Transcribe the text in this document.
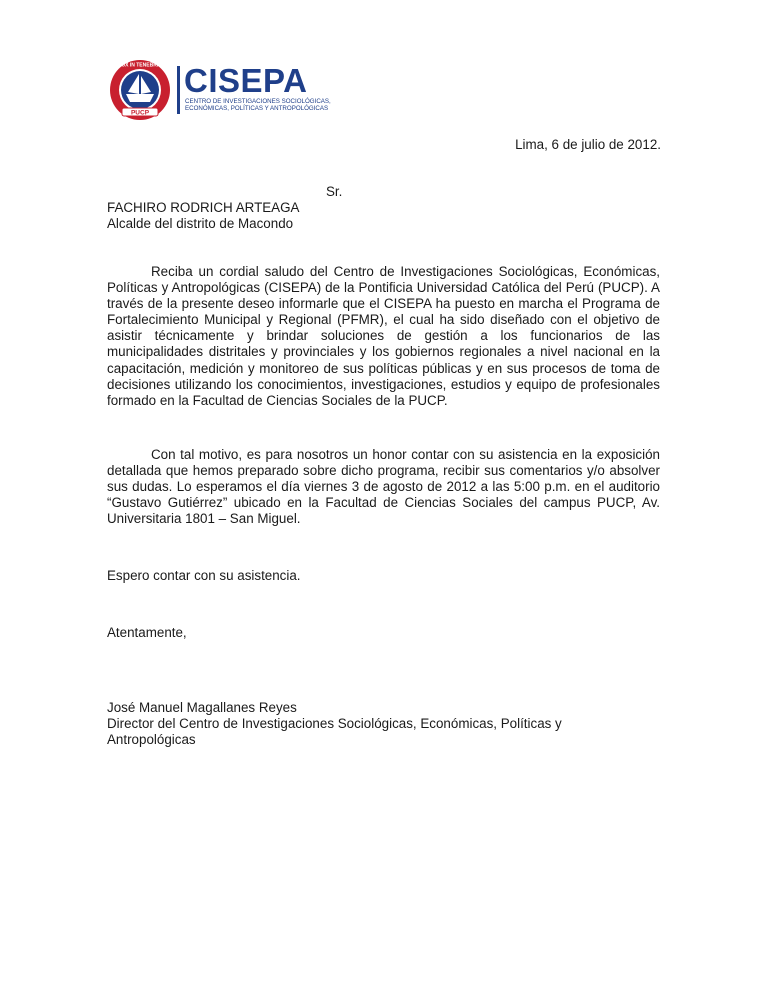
PUCP
LUX IN TENEBRIS CISEPA
CENTRO DE INVESTIGACIONES SOCIOLÓGICAS,
ECONÓMICAS, POLÍTICAS Y ANTROPOLÓGICAS
Lima, 6 de julio de 2012.
Sr.
FACHIRO RODRICH ARTEAGA
Alcalde del distrito de Macondo
Reciba un cordial saludo del Centro de Investigaciones Sociológicas, Económicas, Políticas y Antropológicas (CISEPA) de la Pontificia Universidad Católica del Perú (PUCP). A través de la presente deseo informarle que el CISEPA ha puesto en marcha el Programa de Fortalecimiento Municipal y Regional (PFMR), el cual ha sido diseñado con el objetivo de asistir técnicamente y brindar soluciones de gestión a los funcionarios de las municipalidades distritales y provinciales y los gobiernos regionales a nivel nacional en la capacitación, medición y monitoreo de sus políticas públicas y en sus procesos de toma de decisiones utilizando los conocimientos, investigaciones, estudios y equipo de profesionales formado en la Facultad de Ciencias Sociales de la PUCP.
Con tal motivo, es para nosotros un honor contar con su asistencia en la exposición detallada que hemos preparado sobre dicho programa, recibir sus comentarios y/o absolver sus dudas. Lo esperamos el día viernes 3 de agosto de 2012 a las 5:00 p.m. en el auditorio “Gustavo Gutiérrez” ubicado en la Facultad de Ciencias Sociales del campus PUCP, Av. Universitaria 1801 – San Miguel.
Espero contar con su asistencia.
Atentamente,
José Manuel Magallanes Reyes
Director del Centro de Investigaciones Sociológicas, Económicas, Políticas y
Antropológicas
